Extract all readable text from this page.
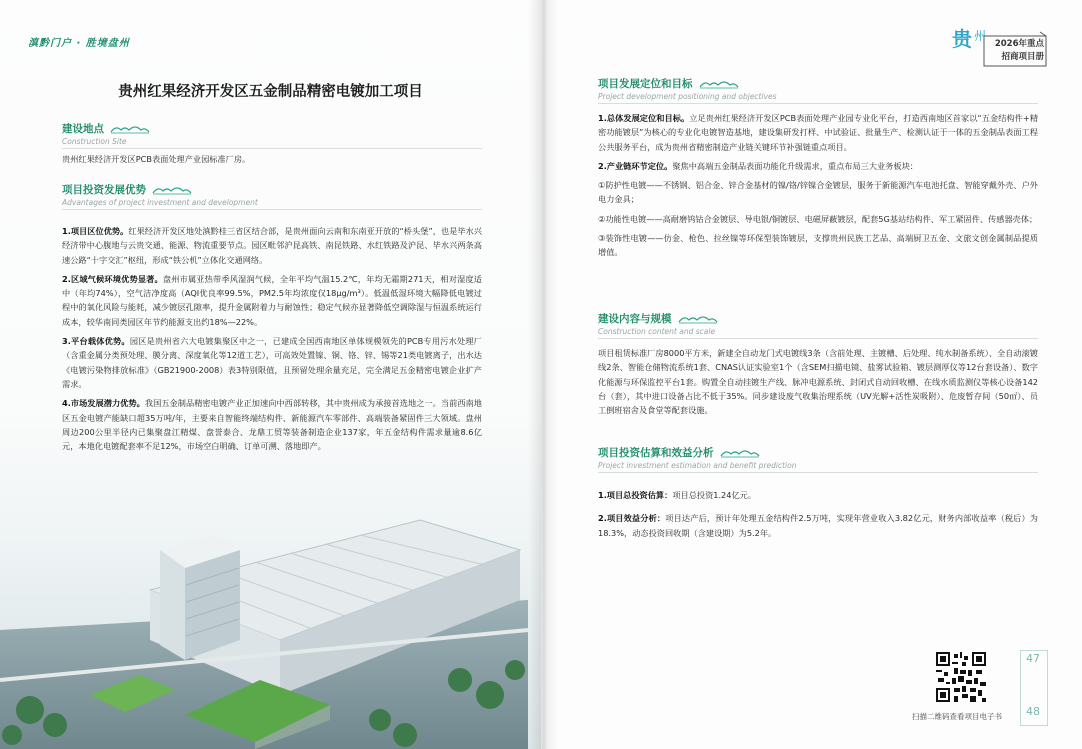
滇黔门户 · 胜境盘州
贵州红果经济开发区五金制品精密电镀加工项目
建设地点
Construction Site
贵州红果经济开发区PCB表面处理产业园标准厂房。
项目投资发展优势
Advantages of project investment and development
1.项目区位优势。红果经济开发区地处滇黔桂三省区结合部，是贵州面向云南和东南亚开放的“桥头堡”，也是毕水兴经济带中心腹地与云贵交通、能源、物流重要节点。园区毗邻沪昆高铁、南昆铁路、水红铁路及沪昆、毕水兴两条高速公路“十字交汇”枢纽，形成“铁公机”立体化交通网络。
2.区域气候环境优势显著。盘州市属亚热带季风湿润气候，全年平均气温15.2℃，年均无霜期271天，相对湿度适中（年均74%），空气洁净度高（AQI优良率99.5%，PM2.5年均浓度仅18μg/m³）。低温低湿环境大幅降低电镀过程中的氧化风险与能耗，减少镀层孔隙率，提升金属附着力与耐蚀性；稳定气候亦显著降低空调除湿与恒温系统运行成本，较华南同类园区年节约能源支出约18%—22%。
3.平台载体优势。园区是贵州省六大电镀集聚区中之一，已建成全国西南地区单体规模领先的PCB专用污水处理厂（含重金属分类预处理、膜分离、深度氧化等12道工艺），可高效处置镍、铜、铬、锌、锡等21类电镀离子，出水达《电镀污染物排放标准》（GB21900-2008）表3特别限值，且预留处理余量充足，完全满足五金精密电镀企业扩产需求。
4.市场发展潜力优势。我国五金制品精密电镀产业正加速向中西部转移，其中贵州成为承接首选地之一。当前西南地区五金电镀产能缺口超35万吨/年，主要来自智能终端结构件、新能源汽车零部件、高端装备紧固件三大领域。盘州周边200公里半径内已集聚盘江精煤、盘誉泰合、龙鼎工贸等装备制造企业137家，年五金结构件需求量逾8.6亿元，本地化电镀配套率不足12%，市场空白明确、订单可溯、落地即产。
贵 州
2026年重点
招商项目册
项目发展定位和目标
Project development positioning and objectives
1.总体发展定位和目标。立足贵州红果经济开发区PCB表面处理产业园专业化平台，打造西南地区首家以“五金结构件+精密功能镀层”为核心的专业化电镀智造基地，建设集研发打样、中试验证、批量生产、检测认证于一体的五金制品表面工程公共服务平台，成为贵州省精密制造产业链关键环节补强链重点项目。
2.产业链环节定位。聚焦中高端五金制品表面功能化升级需求，重点布局三大业务板块：
①防护性电镀——不锈钢、铝合金、锌合金基材的镍/铬/锌镍合金镀层，服务于新能源汽车电池托盘、智能穿戴外壳、户外电力金具；
②功能性电镀——高耐磨钨钴合金镀层、导电银/铜镀层、电磁屏蔽镀层，配套5G基站结构件、军工紧固件、传感器壳体；
③装饰性电镀——仿金、枪色、拉丝镍等环保型装饰镀层，支撑贵州民族工艺品、高端厨卫五金、文旅文创金属制品提质增值。
建设内容与规模
Construction content and scale
项目租赁标准厂房8000平方米，新建全自动龙门式电镀线3条（含前处理、主镀槽、后处理、纯水制备系统）、全自动滚镀线2条、智能仓储物流系统1套、CNAS认证实验室1个（含SEM扫描电镜、盐雾试验箱、镀层测厚仪等12台套设备）、数字化能源与环保监控平台1套。购置全自动挂镀生产线、脉冲电源系统、封闭式自动回收槽、在线水质监测仪等核心设备142台（套），其中进口设备占比不低于35%。同步建设废气收集治理系统（UV光解+活性炭吸附）、危废暂存间（50㎡）、员工倒班宿舍及食堂等配套设施。
项目投资估算和效益分析
Project investment estimation and benefit prediction
1.项目总投资估算：项目总投资1.24亿元。
2.项目效益分析：项目达产后，预计年处理五金结构件2.5万吨，实现年营业收入3.82亿元，财务内部收益率（税后）为18.3%，动态投资回收期（含建设期）为5.2年。
扫描二维码查看项目电子书
47
48
